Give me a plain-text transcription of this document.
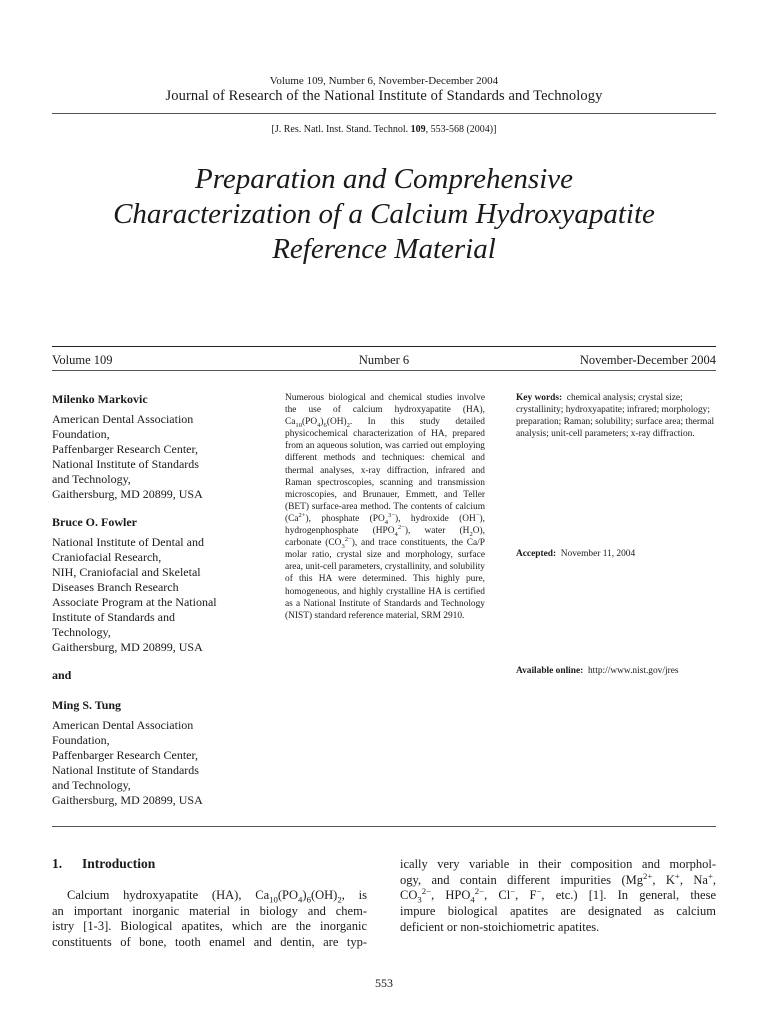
Volume 109, Number 6, November-December 2004
Journal of Research of the National Institute of Standards and Technology
[J. Res. Natl. Inst. Stand. Technol. 109, 553-568 (2004)]
Preparation and Comprehensive
Characterization of a Calcium Hydroxyapatite
Reference Material
Volume 109	Number 6	November-December 2004
Milenko Markovic
American Dental Association
Foundation,
Paffenbarger Research Center,
National Institute of Standards
and Technology,
Gaithersburg, MD 20899, USA
Bruce O. Fowler
National Institute of Dental and
Craniofacial Research,
NIH, Craniofacial and Skeletal
Diseases Branch Research
Associate Program at the National
Institute of Standards and
Technology,
Gaithersburg, MD 20899, USA
and
Ming S. Tung
American Dental Association
Foundation,
Paffenbarger Research Center,
National Institute of Standards
and Technology,
Gaithersburg, MD 20899, USA
Numerous biological and chemical studies involve the use of calcium hydroxyapatite (HA), $Ca_{10}(PO_4)_6(OH)_2$. In this study detailed physicochemical characterization of HA, prepared from an aqueous solution, was carried out employing different methods and techniques: chemical and thermal analyses, x-ray diffraction, infrared and Raman spectroscopies, scanning and transmission microscopies, and Brunauer, Emmett, and Teller (BET) surface-area method. The contents of calcium $(Ca^{2+})$, phosphate $(PO_4^{3-})$, hydroxide (OH−), hydrogenphosphate $(HPO_4^{2-})$, water $(H_2O)$, carbonate $(CO_3^{2-})$, and trace constituents, the Ca/P molar ratio, crystal size and morphology, surface area, unit-cell parameters, crystallinity, and solubility of this HA were determined. This highly pure, homogeneous, and highly crystalline HA is certified as a National Institute of Standards and Technology (NIST) standard reference material, SRM 2910.
Key words: chemical analysis; crystal size; crystallinity; hydroxyapatite; infrared; morphology; preparation; Raman; solubility; surface area; thermal analysis; unit-cell parameters; x-ray diffraction.
Accepted: November 11, 2004
Available online: http://www.nist.gov/jres
1. Introduction
Calcium hydroxyapatite (HA), $Ca_{10}(PO_4)_6(OH)_2$, is
an important inorganic material in biology and chem-
istry [1-3]. Biological apatites, which are the inorganic
constituents of bone, tooth enamel and dentin, are typ-
ically very variable in their composition and morphol-
ogy, and contain different impurities ($Mg^{2+}$, K+, Na+,
$CO_3^{2-}$, $HPO_4^{2-}$, Cl−, F−, etc.) [1]. In general, these
impure biological apatites are designated as calcium
deficient or non-stoichiometric apatites.
553
